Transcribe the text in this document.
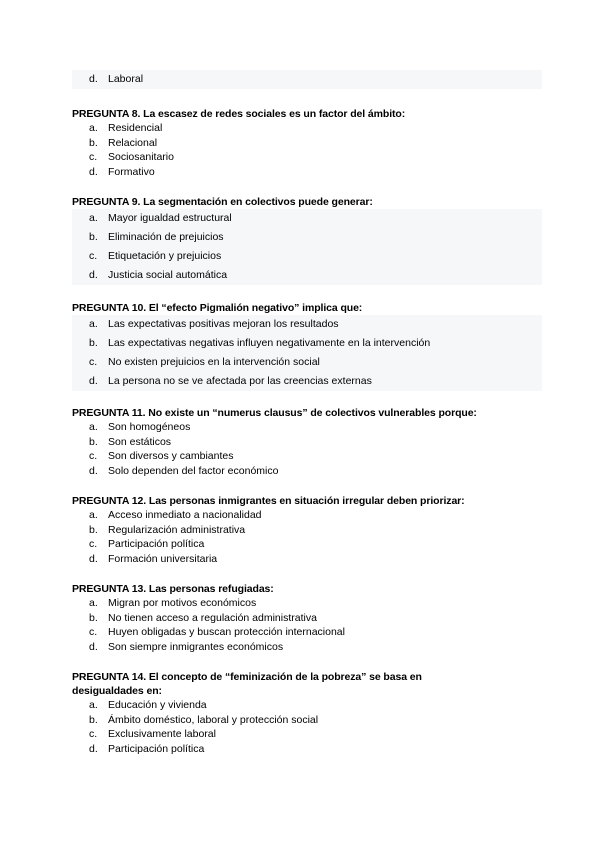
d. Laboral

PREGUNTA 8. La escasez de redes sociales es un factor del ámbito:

a. Residencial
b. Relacional
c. Sociosanitario
d. Formativo

PREGUNTA 9. La segmentación en colectivos puede generar:

a. Mayor igualdad estructural
b. Eliminación de prejuicios
c. Etiquetación y prejuicios
d. Justicia social automática

PREGUNTA 10. El “efecto Pigmalión negativo” implica que:

a. Las expectativas positivas mejoran los resultados
b. Las expectativas negativas influyen negativamente en la intervención
c. No existen prejuicios en la intervención social
d. La persona no se ve afectada por las creencias externas

PREGUNTA 11. No existe un “numerus clausus” de colectivos vulnerables porque:

a. Son homogéneos
b. Son estáticos
c. Son diversos y cambiantes
d. Solo dependen del factor económico

PREGUNTA 12. Las personas inmigrantes en situación irregular deben priorizar:

a. Acceso inmediato a nacionalidad
b. Regularización administrativa
c. Participación política
d. Formación universitaria

PREGUNTA 13. Las personas refugiadas:

a. Migran por motivos económicos
b. No tienen acceso a regulación administrativa
c. Huyen obligadas y buscan protección internacional
d. Son siempre inmigrantes económicos

PREGUNTA 14. El concepto de “feminización de la pobreza” se basa en desigualdades en:

a. Educación y vivienda
b. Ámbito doméstico, laboral y protección social
c. Exclusivamente laboral
d. Participación política
